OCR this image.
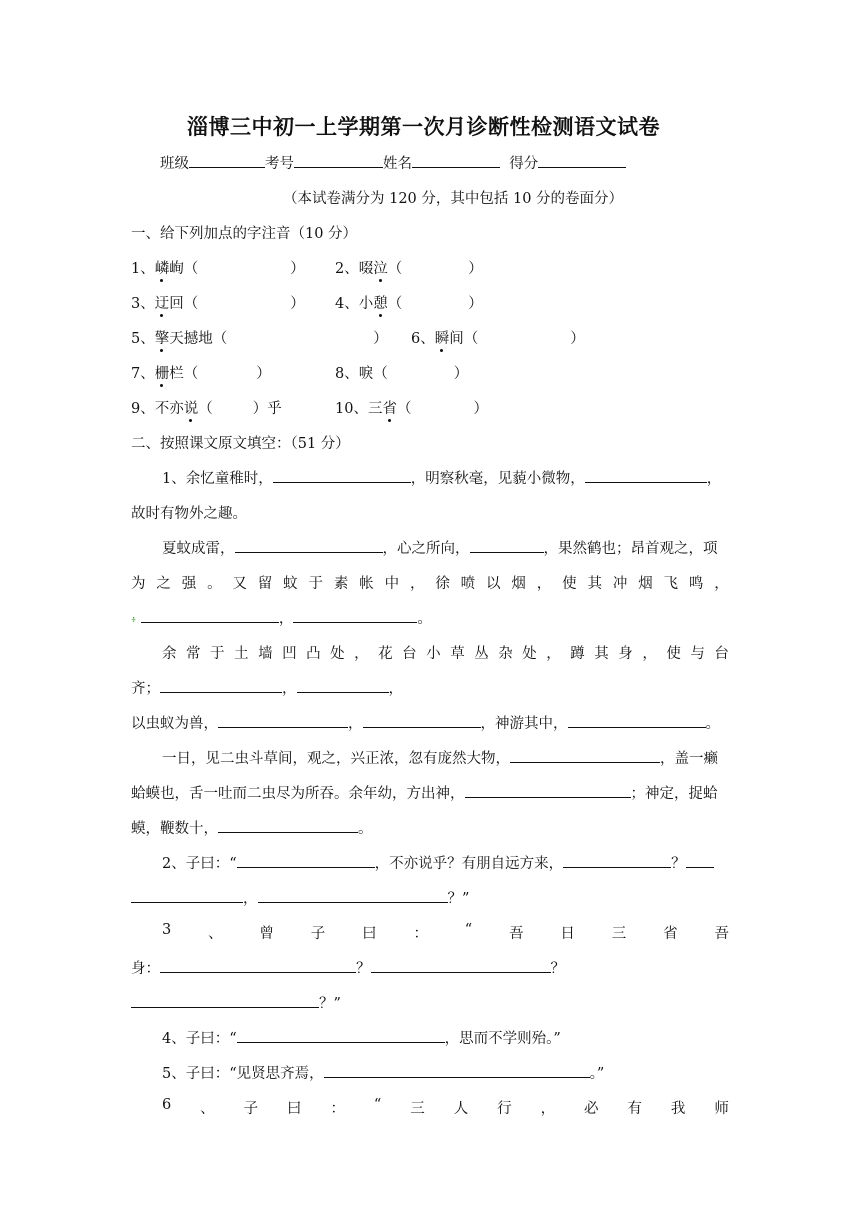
淄博三中初一上学期第一次月诊断性检测语文试卷
班级	考号	姓名	得分
（本试卷满分为 120 分，其中包括 10 分的卷面分）
一、给下列加点的字注音（10 分）
1、嶙峋（	） 2、啜泣（	）
3、迂回（	） 4、小憩（	）
5、擎天撼地（	） 6、瞬间（	）
7、栅栏（	）	8、唳（	）
9、不亦说（	）乎	10、三省（	）
二、按照课文原文填空：（51 分）
1、余忆童稚时，	，明察秋毫，见藐小微物，	，
故时有物外之趣。
夏蚊成雷，	，心之所向，	，果然鹤也；昂首观之，项
为 之 强 。 又 留 蚊 于 素 帐 中 ， 徐 喷 以 烟 ， 使 其 冲 烟 飞 鸣 ，
፥	，	。
余 常 于 土 墙 凹 凸 处 ， 花 台 小 草 丛 杂 处 ， 蹲 其 身 ， 使 与 台
齐；	，	，
以虫蚁为兽，	，	，神游其中，	。
一日，见二虫斗草间，观之，兴正浓，忽有庞然大物，	，盖一癞
蛤蟆也，舌一吐而二虫尽为所吞。余年幼，方出神，	；神定，捉蛤
蟆，鞭数十，	。
2、子曰：“	，不亦说乎？有朋自远方来，	？
，	？”
3	、	曾	子	曰	：	“	吾	日	三	省	吾
身：	？	？
？”
4、子曰：“	，思而不学则殆。”
5、子曰：“见贤思齐焉，	。”
6 、 子 曰 ： “ 三 人 行 ， 必 有 我 师
